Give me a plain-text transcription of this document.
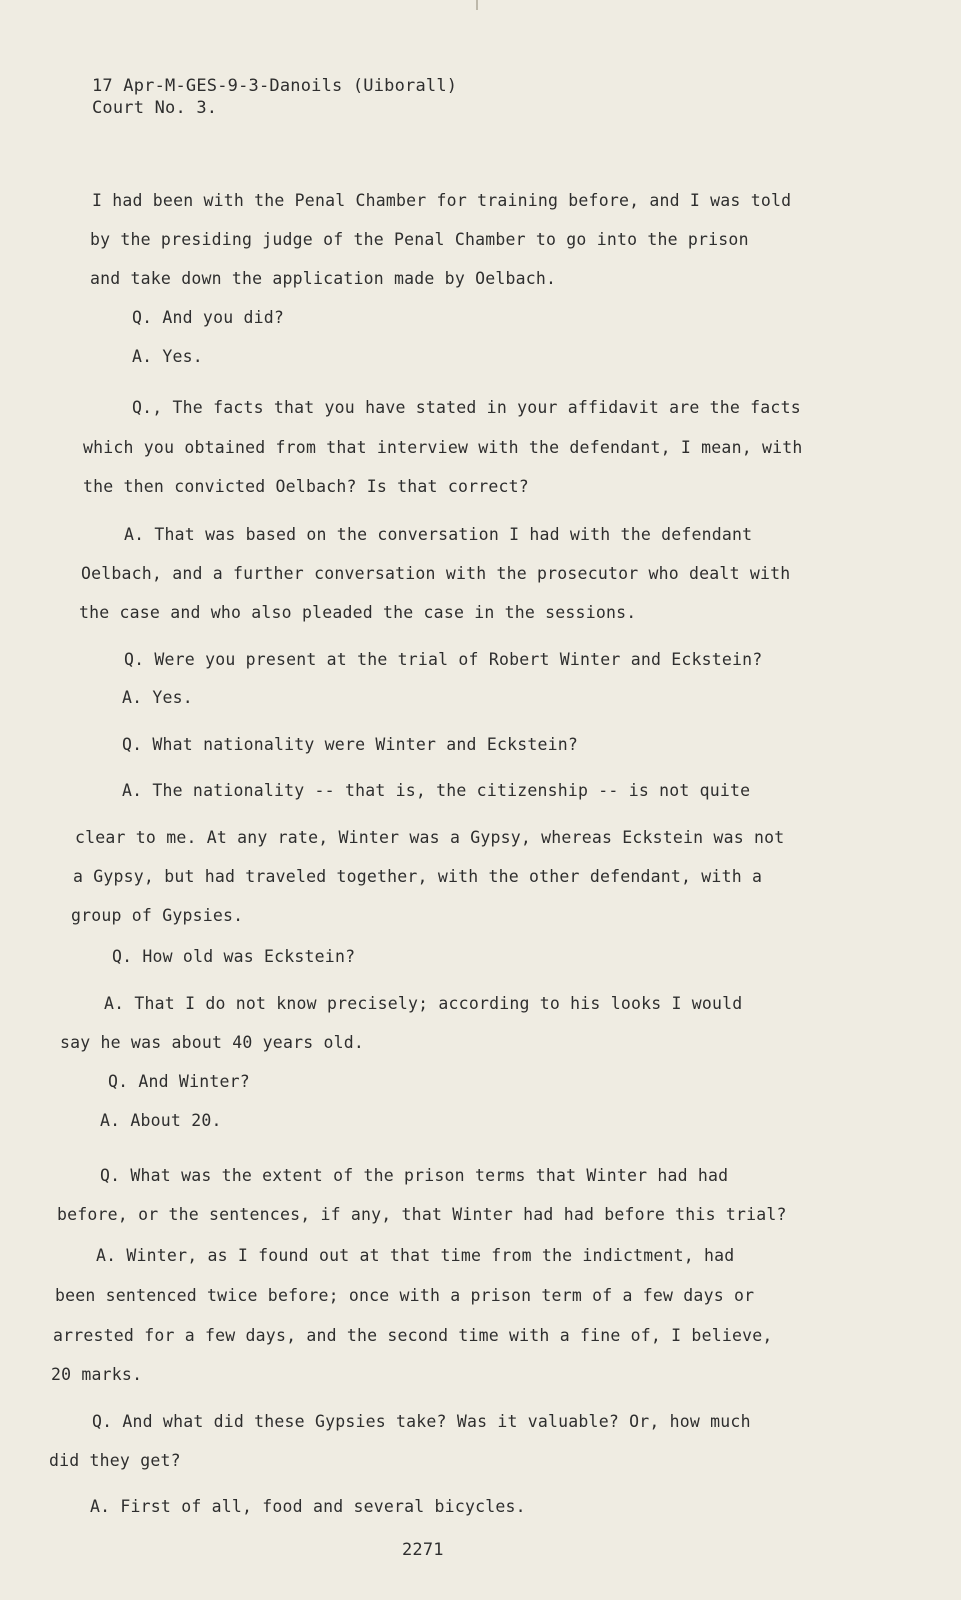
17 Apr-M-GES-9-3-Danoils (Uiborall)
Court No. 3.
I had been with the Penal Chamber for training before, and I was told
by the presiding judge of the Penal Chamber to go into the prison
and take down the application made by Oelbach.
Q. And you did?
A. Yes.
Q., The facts that you have stated in your affidavit are the facts
which you obtained from that interview with the defendant, I mean, with
the then convicted Oelbach? Is that correct?
A. That was based on the conversation I had with the defendant
Oelbach, and a further conversation with the prosecutor who dealt with
the case and who also pleaded the case in the sessions.
Q. Were you present at the trial of Robert Winter and Eckstein?
A. Yes.
Q. What nationality were Winter and Eckstein?
A. The nationality -- that is, the citizenship -- is not quite
clear to me. At any rate, Winter was a Gypsy, whereas Eckstein was not
a Gypsy, but had traveled together, with the other defendant, with a
group of Gypsies.
Q. How old was Eckstein?
A. That I do not know precisely; according to his looks I would
say he was about 40 years old.
Q. And Winter?
A. About 20.
Q. What was the extent of the prison terms that Winter had had
before, or the sentences, if any, that Winter had had before this trial?
A. Winter, as I found out at that time from the indictment, had
been sentenced twice before; once with a prison term of a few days or
arrested for a few days, and the second time with a fine of, I believe,
20 marks.
Q. And what did these Gypsies take? Was it valuable? Or, how much
did they get?
A. First of all, food and several bicycles.
2271
